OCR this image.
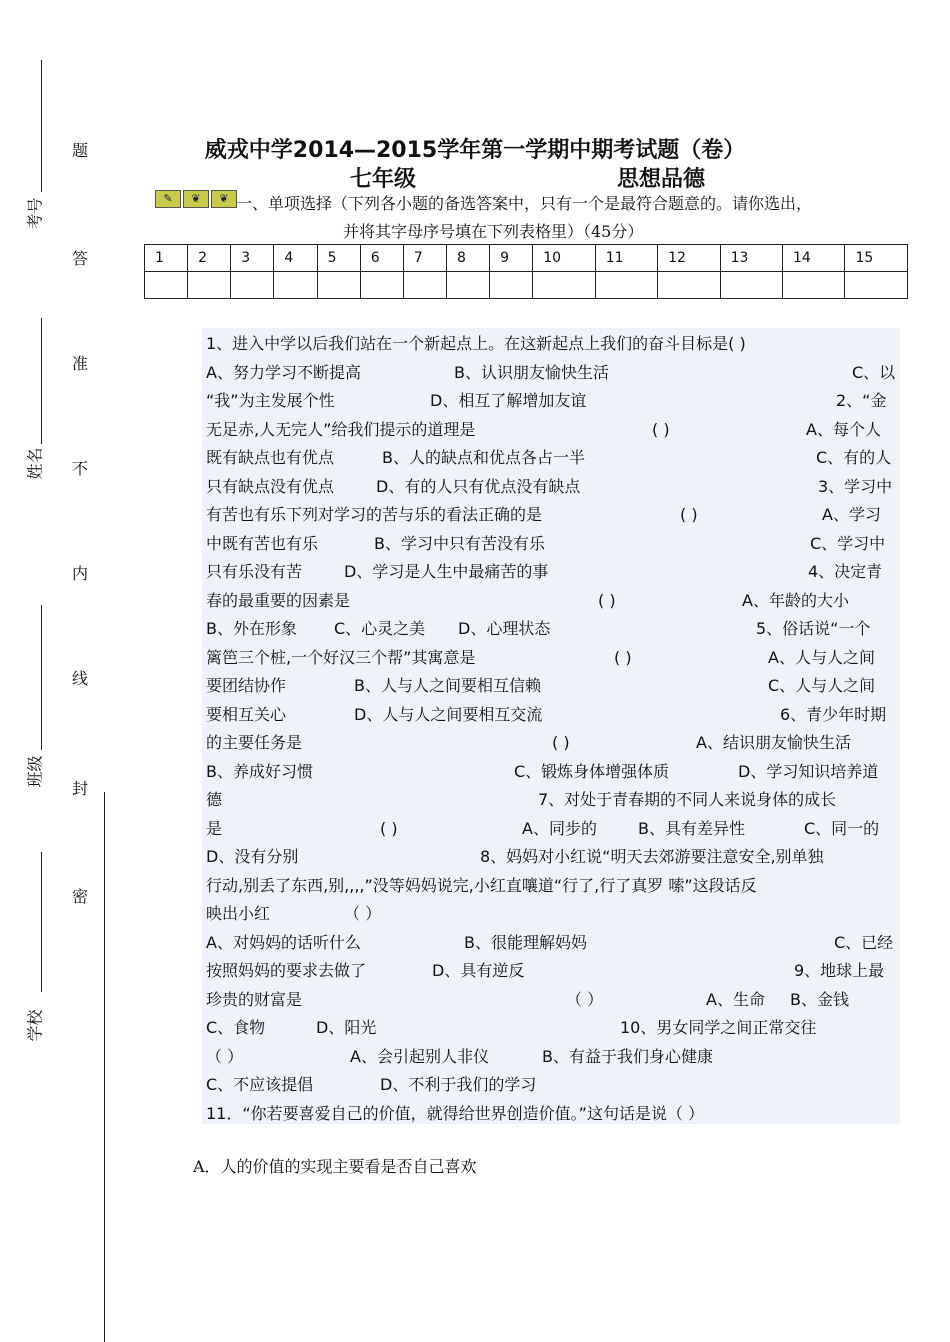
考号
姓名
班级
学校
题
答
准
不
内
线
封
密
威戎中学2014—2015学年第一学期中期考试题（卷）
七年级	思想品德
✎	❦	❦ 一、单项选择（下列各小题的备选答案中，只有一个是最符合题意的。请你选出，
并将其字母序号填在下列表格里）（45分）
1	2	3	4	5	6	7	8	9	10	11	12	13	14	15

1、进入中学以后我们站在一个新起点上。在这新起点上我们的奋斗目标是( )
A、努力学习不断提高	B、认识朋友愉快生活	C、以
“我”为主发展个性	D、相互了解增加友谊	2、“金
无足赤,人无完人”给我们提示的道理是	( )	A、每个人
既有缺点也有优点	B、人的缺点和优点各占一半	C、有的人
只有缺点没有优点	D、有的人只有优点没有缺点	3、学习中
有苦也有乐下列对学习的苦与乐的看法正确的是	( )	A、学习
中既有苦也有乐	B、学习中只有苦没有乐	C、学习中
只有乐没有苦	D、学习是人生中最痛苦的事	4、决定青
春的最重要的因素是	( )	A、年龄的大小
B、外在形象 C、心灵之美 D、心理状态	5、俗话说“一个
篱笆三个桩,一个好汉三个帮”其寓意是	( )	A、人与人之间
要团结协作	B、人与人之间要相互信赖	C、人与人之间
要相互关心	D、人与人之间要相互交流	6、青少年时期
的主要任务是	( )	A、结识朋友愉快生活
B、养成好习惯	C、锻炼身体增强体质	D、学习知识培养道
德	7、对处于青春期的不同人来说身体的成长
是	( )	A、同步的	B、具有差异性	C、同一的
D、没有分别	8、妈妈对小红说“明天去郊游要注意安全,别单独
行动,别丢了东西,别,,,,”没等妈妈说完,小红直嚷道“行了,行了真罗 嗦”这段话反
映出小红	（ ）
A、对妈妈的话听什么	B、很能理解妈妈	C、已经
按照妈妈的要求去做了	D、具有逆反	9、地球上最
珍贵的财富是	（ ）	A、生命 B、金钱
C、食物	D、阳光	10、男女同学之间正常交往
（ ）	A、会引起别人非仪	B、有益于我们身心健康
C、不应该提倡	D、不利于我们的学习
11．“你若要喜爱自己的价值，就得给世界创造价值。”这句话是说（ ）
A．人的价值的实现主要看是否自己喜欢
